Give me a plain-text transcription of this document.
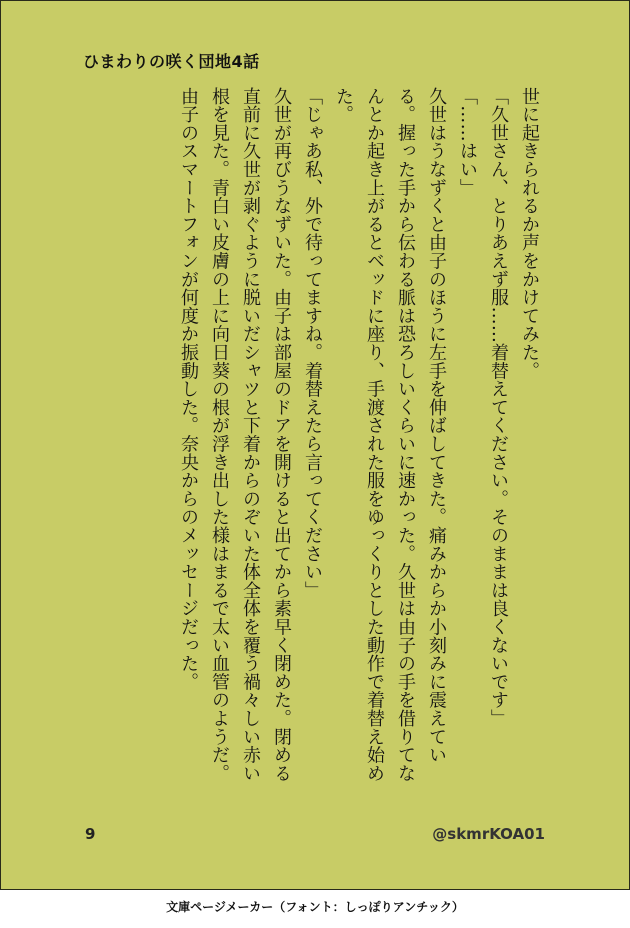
ひまわりの咲く団地4話

世に起きられるか声をかけてみた。

「久世さん、とりあえず服……着替えてください。そのままは良くないです」

「……はい」

久世はうなずくと由子のほうに左手を伸ばしてきた。痛みからか小刻みに震えている。握った手から伝わる脈は恐ろしいくらいに速かった。久世は由子の手を借りてなんとか起き上がるとベッドに座り、手渡された服をゆっくりとした動作で着替え始めた。

「じゃあ私、外で待ってますね。着替えたら言ってください」

久世が再びうなずいた。由子は部屋のドアを開けると出てから素早く閉めた。閉める直前に久世が剥ぐように脱いだシャツと下着からのぞいた体全体を覆う禍々しい赤い根を見た。青白い皮膚の上に向日葵の根が浮き出した様はまるで太い血管のようだ。由子のスマートフォンが何度か振動した。奈央からのメッセージだった。

9	@skmrKOA01
文庫ページメーカー（フォント：しっぽりアンチック）
